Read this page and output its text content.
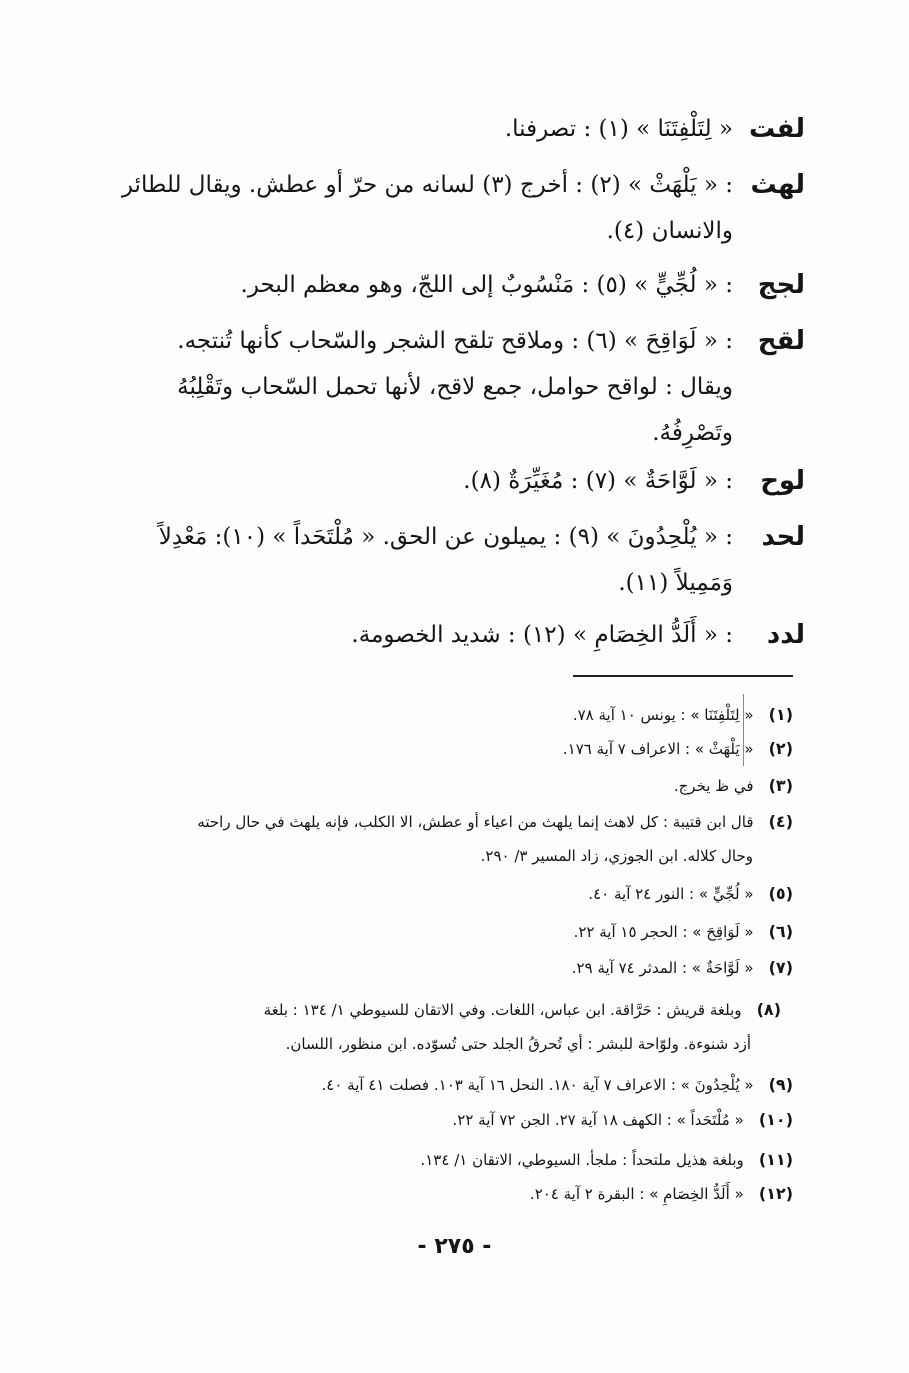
لفت
« لِتَلْفِتَنَا » (١) : تصرفنا.
لهث
: « يَلْهَثْ » (٢) : أخرج (٣) لسانه من حرّ أو عطش. ويقال للطائر
والانسان (٤).
لجج
: « لُجِّيٍّ » (٥) : مَنْسُوبٌ إلى اللجّ، وهو معظم البحر.
لقح
: « لَوَاقِحَ » (٦) : وملاقح تلقح الشجر والسّحاب كأنها تُنتجه.
ويقال : لواقح حوامل، جمع لاقح، لأنها تحمل السّحاب وتَقْلِبُهُ
وتَصْرِفُهُ.
لوح
: « لَوَّاحَةٌ » (٧) : مُغَيِّرَةٌ (٨).
لحد
: « يُلْحِدُونَ » (٩) : يميلون عن الحق. « مُلْتَحَداً » (١٠): مَعْدِلاً
وَمَمِيلاً (١١).
لدد
: « أَلَدُّ الخِصَامِ » (١٢) : شديد الخصومة.
(١) « لِتَلْفِتَنَا » : يونس ١٠ آية ٧٨.
(٢) « يَلْهَثْ » : الاعراف ٧ آية ١٧٦.
(٣) في ظ يخرج.
(٤) قال ابن قتيبة : كل لاهث إنما يلهث من اعياء أو عطش، الا الكلب، فإنه يلهث في حال راحته
وحال كلاله. ابن الجوزي، زاد المسير ٣/ ٢٩٠.
(٥) « لُجِّيٍّ » : النور ٢٤ آية ٤٠.
(٦) « لَوَاقِحَ » : الحجر ١٥ آية ٢٢.
(٧) « لَوَّاحَةٌ » : المدثر ٧٤ آية ٢٩.
(٨) وبلغة قريش : حَرَّاقة. ابن عباس، اللغات. وفي الاتقان للسيوطي ١/ ١٣٤ : بلغة
أزد شنوءة. ولوّاحة للبشر : أي تُحرقُ الجلد حتى تُسوّده. ابن منظور، اللسان.
(٩) « يُلْحِدُونَ » : الاعراف ٧ آية ١٨٠. النحل ١٦ آية ١٠٣. فصلت ٤١ آية ٤٠.
(١٠) « مُلْتَحَداً » : الكهف ١٨ آية ٢٧. الجن ٧٢ آية ٢٢.
(١١) وبلغة هذيل ملتحداً : ملجأ. السيوطي، الاتقان ١/ ١٣٤.
(١٢) « أَلَدُّ الخِصَامِ » : البقرة ٢ آية ٢٠٤.
- ٢٧٥ -
